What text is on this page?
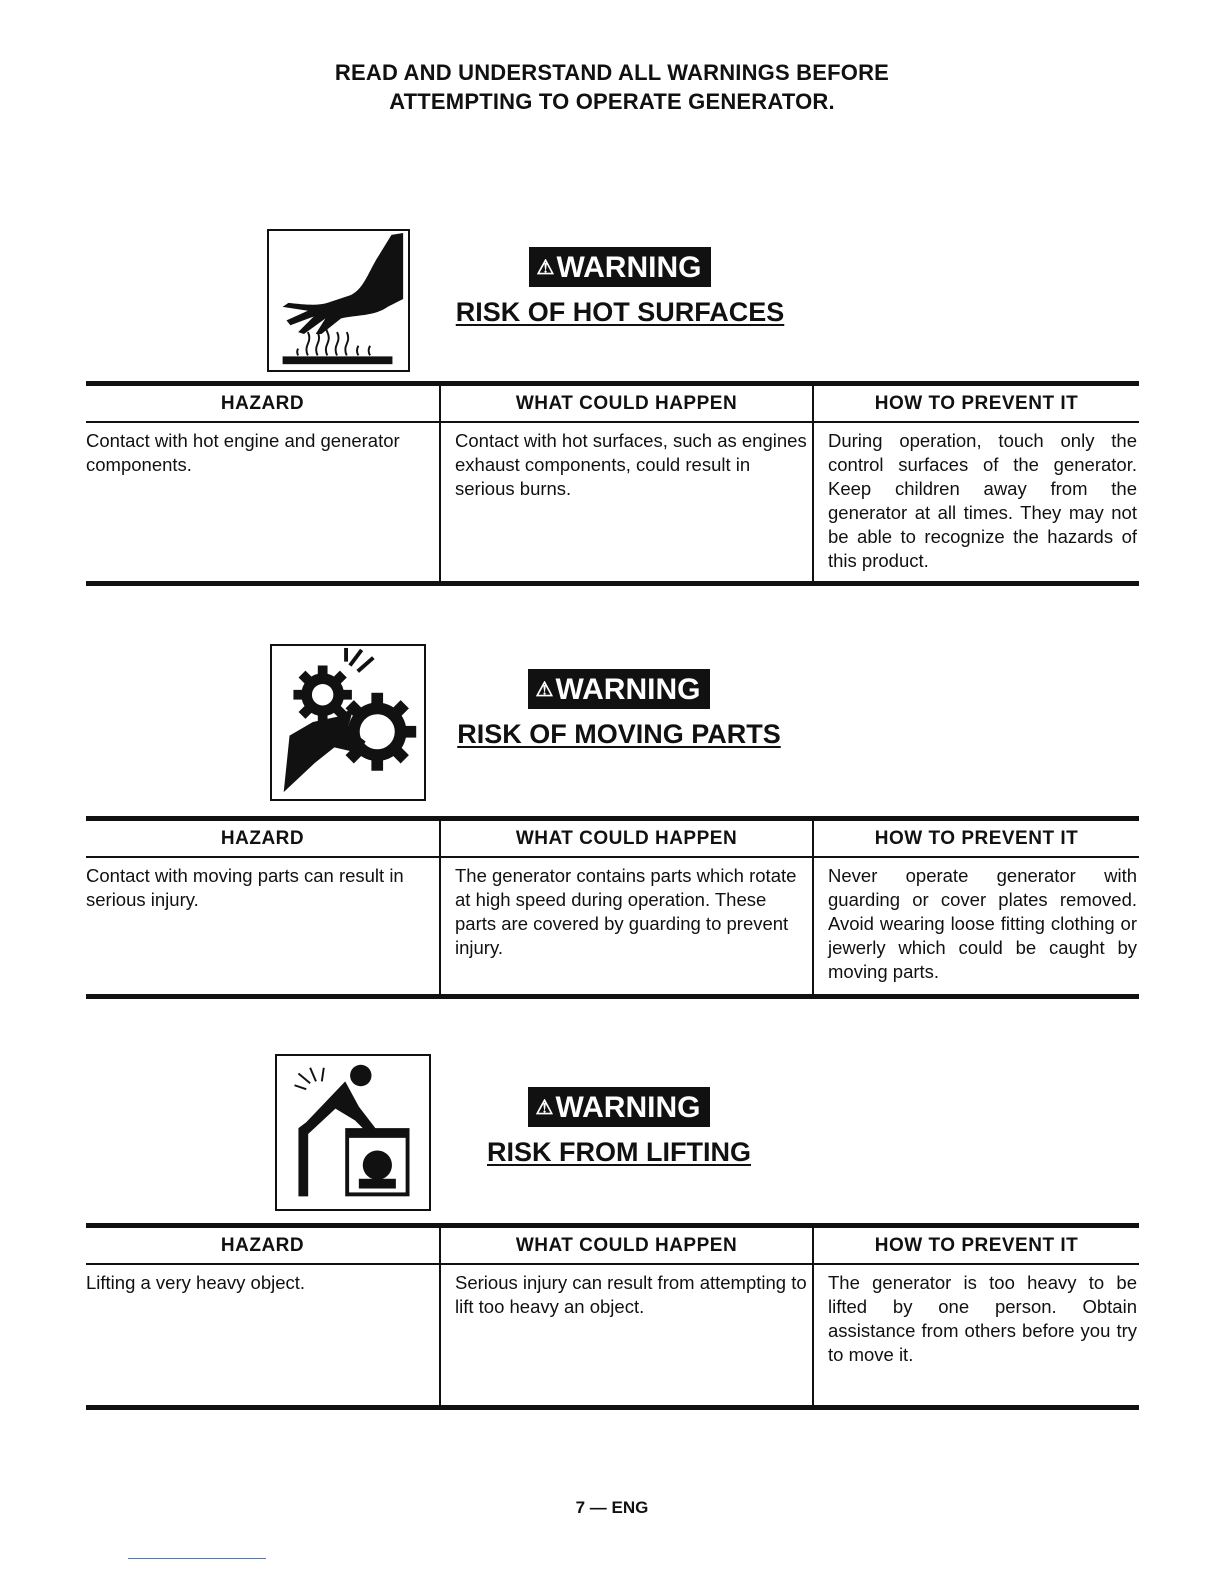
READ AND UNDERSTAND ALL WARNINGS BEFORE
ATTEMPTING TO OPERATE GENERATOR.
⚠WARNING
RISK OF HOT SURFACES
HAZARD	WHAT COULD HAPPEN	HOW TO PREVENT IT
Contact with hot engine and generator components.	Contact with hot surfaces, such as engines exhaust components, could result in serious burns.	During operation, touch only the control surfaces of the generator. Keep children away from the generator at all times. They may not be able to recognize the hazards of this product.
⚠WARNING
RISK OF MOVING PARTS
HAZARD	WHAT COULD HAPPEN	HOW TO PREVENT IT
Contact with moving parts can result in serious injury.	The generator contains parts which rotate at high speed during operation. These parts are covered by guarding to prevent injury.	Never operate generator with guarding or cover plates removed. Avoid wearing loose fitting clothing or jewerly which could be caught by moving parts.
⚠WARNING
RISK FROM LIFTING
HAZARD	WHAT COULD HAPPEN	HOW TO PREVENT IT
Lifting a very heavy object.	Serious injury can result from attempting to lift too heavy an object.	The generator is too heavy to be lifted by one person. Obtain assistance from others before you try to move it.
7 — ENG
